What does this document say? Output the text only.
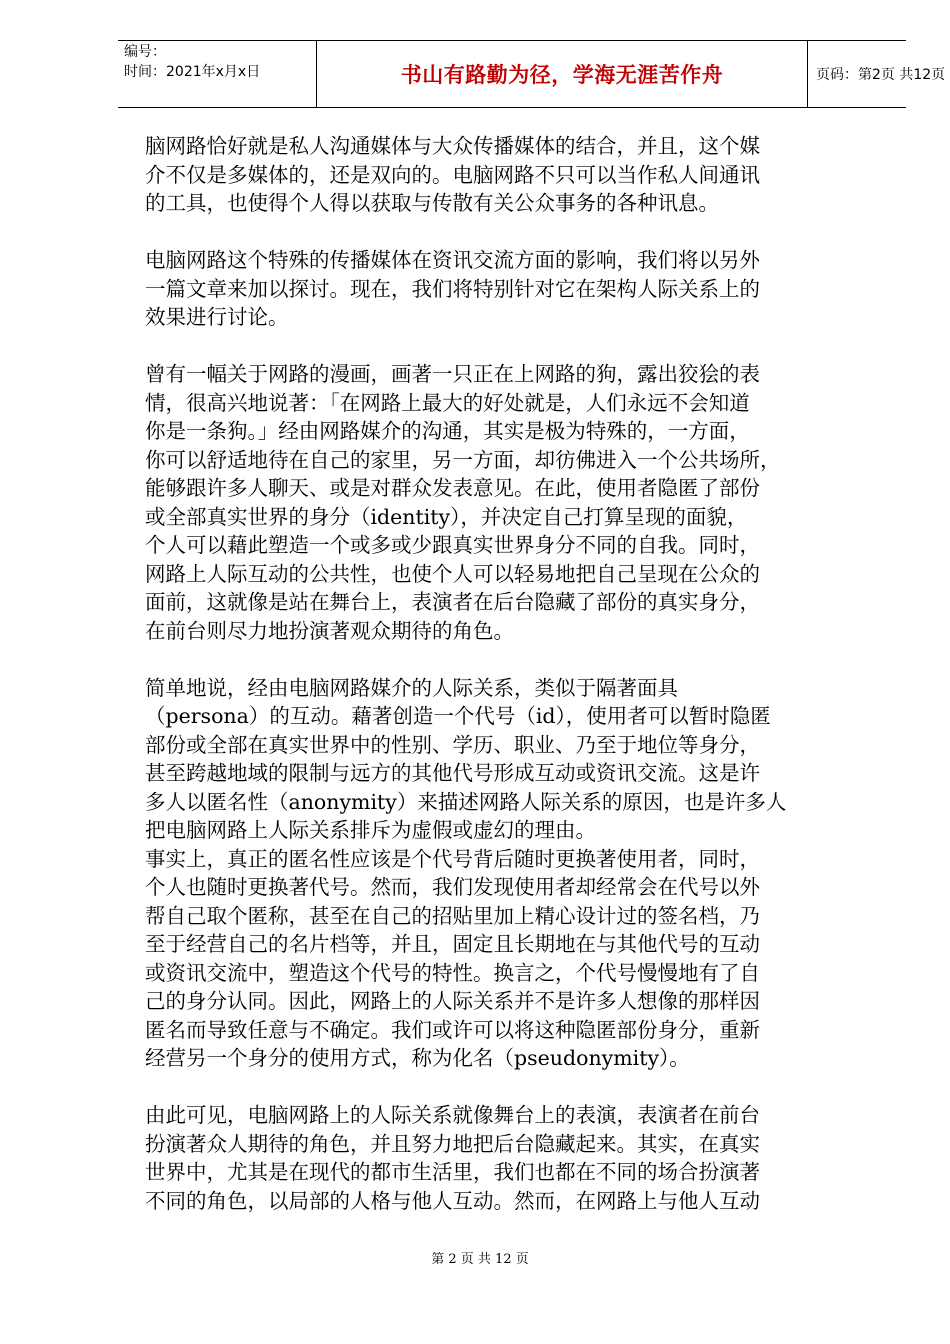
编号：
时间：2021年x月x日	书山有路勤为径，学海无涯苦作舟	页码：第2页 共12页
脑网路恰好就是私人沟通媒体与大众传播媒体的结合，并且，这个媒
介不仅是多媒体的，还是双向的。电脑网路不只可以当作私人间通讯
的工具，也使得个人得以获取与传散有关公众事务的各种讯息。
电脑网路这个特殊的传播媒体在资讯交流方面的影响，我们将以另外
一篇文章来加以探讨。现在，我们将特别针对它在架构人际关系上的
效果进行讨论。
曾有一幅关于网路的漫画，画著一只正在上网路的狗，露出狡狯的表
情，很高兴地说著：「在网路上最大的好处就是，人们永远不会知道
你是一条狗。」经由网路媒介的沟通，其实是极为特殊的，一方面，
你可以舒适地待在自己的家里，另一方面，却彷佛进入一个公共场所，
能够跟许多人聊天、或是对群众发表意见。在此，使用者隐匿了部份
或全部真实世界的身分（identity），并决定自己打算呈现的面貌，
个人可以藉此塑造一个或多或少跟真实世界身分不同的自我。同时，
网路上人际互动的公共性，也使个人可以轻易地把自己呈现在公众的
面前，这就像是站在舞台上，表演者在后台隐藏了部份的真实身分，
在前台则尽力地扮演著观众期待的角色。
简单地说，经由电脑网路媒介的人际关系，类似于隔著面具
（persona）的互动。藉著创造一个代号（id），使用者可以暂时隐匿
部份或全部在真实世界中的性别、学历、职业、乃至于地位等身分，
甚至跨越地域的限制与远方的其他代号形成互动或资讯交流。这是许
多人以匿名性（anonymity）来描述网路人际关系的原因，也是许多人
把电脑网路上人际关系排斥为虚假或虚幻的理由。
事实上，真正的匿名性应该是个代号背后随时更换著使用者，同时，
个人也随时更换著代号。然而，我们发现使用者却经常会在代号以外
帮自己取个匿称，甚至在自己的招贴里加上精心设计过的签名档，乃
至于经营自己的名片档等，并且，固定且长期地在与其他代号的互动
或资讯交流中，塑造这个代号的特性。换言之，个代号慢慢地有了自
己的身分认同。因此，网路上的人际关系并不是许多人想像的那样因
匿名而导致任意与不确定。我们或许可以将这种隐匿部份身分，重新
经营另一个身分的使用方式，称为化名（pseudonymity）。
由此可见，电脑网路上的人际关系就像舞台上的表演，表演者在前台
扮演著众人期待的角色，并且努力地把后台隐藏起来。其实，在真实
世界中，尤其是在现代的都市生活里，我们也都在不同的场合扮演著
不同的角色，以局部的人格与他人互动。然而，在网路上与他人互动
第 2 页 共 12 页
